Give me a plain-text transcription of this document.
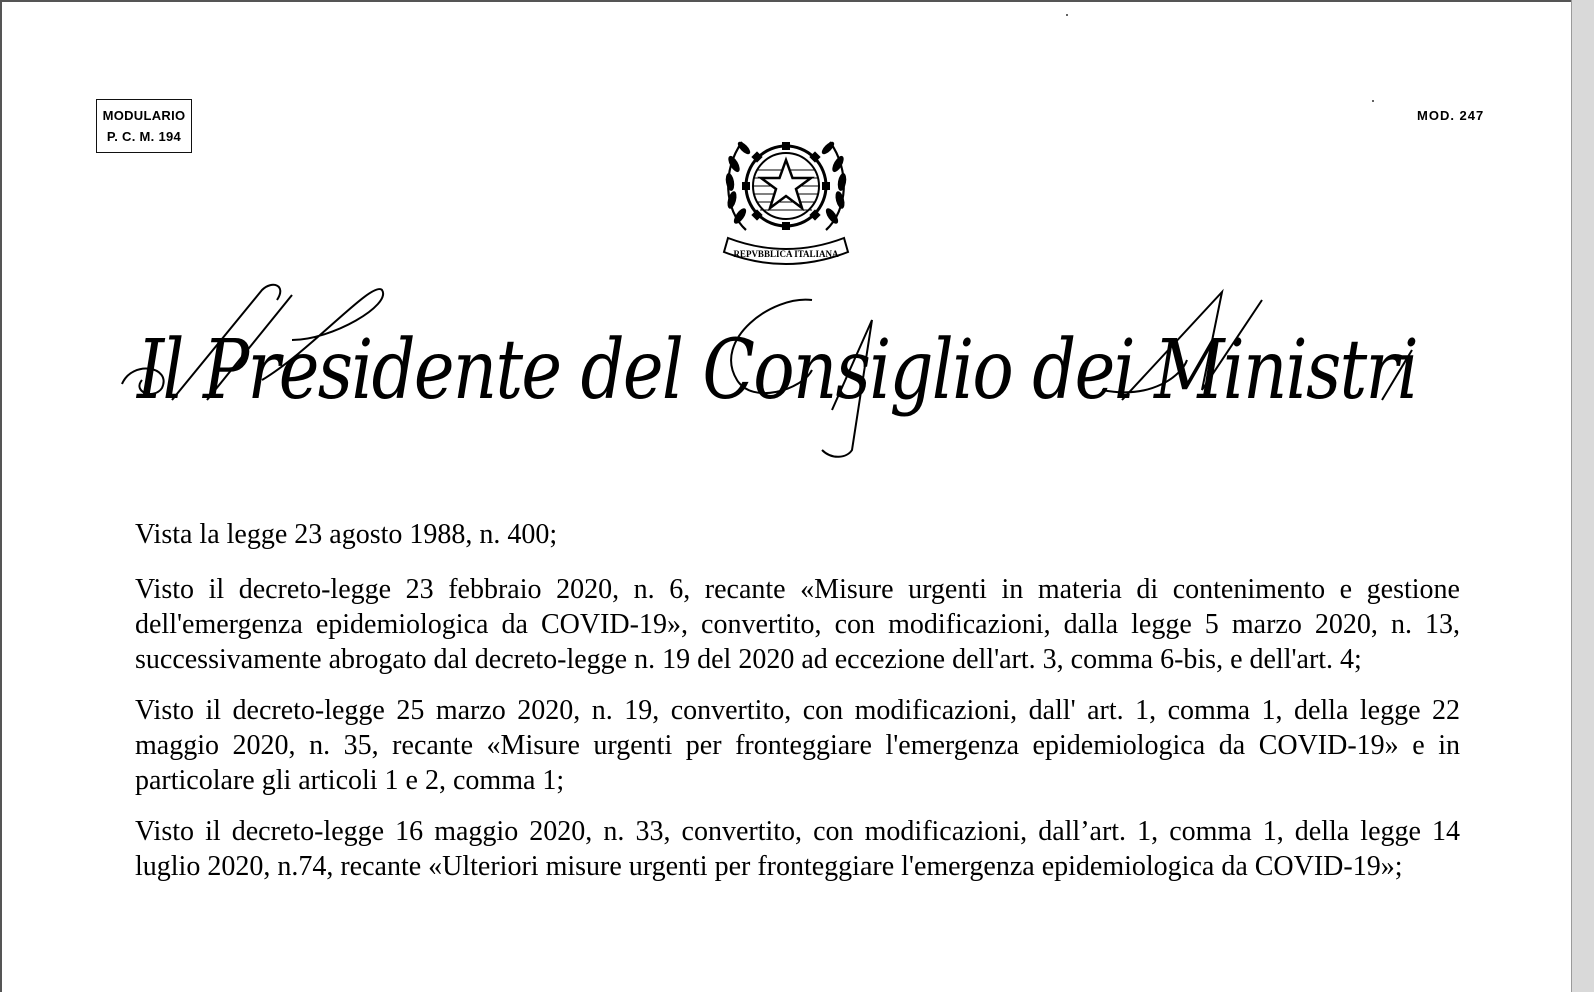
MODULARIO
P. C. M. 194
MOD. 247
REPVBBLICA ITALIANA
Il Presidente del Consiglio dei Ministri

Vista la legge 23 agosto 1988, n. 400;

Visto il decreto-legge 23 febbraio 2020, n. 6, recante «Misure urgenti in materia di contenimento e gestione dell'emergenza epidemiologica da COVID-19», convertito, con modificazioni, dalla legge 5 marzo 2020, n. 13, successivamente abrogato dal decreto-legge n. 19 del 2020 ad eccezione dell'art. 3, comma 6-bis, e dell'art. 4;

Visto il decreto-legge 25 marzo 2020, n. 19, convertito, con modificazioni, dall' art. 1, comma 1, della legge 22 maggio 2020, n. 35, recante «Misure urgenti per fronteggiare l'emergenza epidemiologica da COVID-19» e in particolare gli articoli 1 e 2, comma 1;

Visto il decreto-legge 16 maggio 2020, n. 33, convertito, con modificazioni, dall’art. 1, comma 1, della legge 14 luglio 2020, n.74, recante «Ulteriori misure urgenti per fronteggiare l'emergenza epidemiologica da COVID-19»;
